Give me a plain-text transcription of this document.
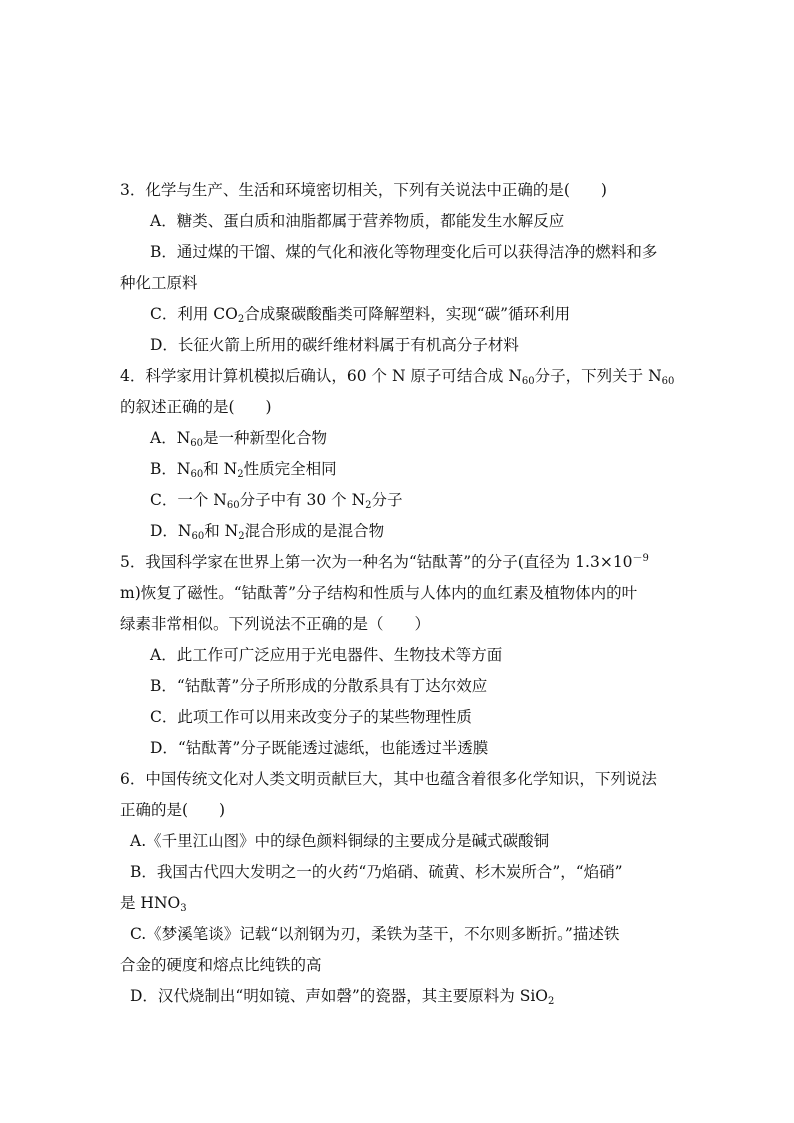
3．化学与生产、生活和环境密切相关，下列有关说法中正确的是(　　)
A．糖类、蛋白质和油脂都属于营养物质，都能发生水解反应
B．通过煤的干馏、煤的气化和液化等物理变化后可以获得洁净的燃料和多
种化工原料
C．利用 $CO_2$合成聚碳酸酯类可降解塑料，实现“碳”循环利用
D．长征火箭上所用的碳纤维材料属于有机高分子材料
4．科学家用计算机模拟后确认，60 个 N 原子可结合成 $N_{60}$分子，下列关于 $N_{60}$
的叙述正确的是(　　)
A．$N_{60}$是一种新型化合物
B．$N_{60}$和 $N_2$性质完全相同
C．一个 $N_{60}$分子中有 30 个 $N_2$分子
D．$N_{60}$和 $N_2$混合形成的是混合物
5．我国科学家在世界上第一次为一种名为“钴酞菁”的分子(直径为 $1.3\times 10^{-9}$
m)恢复了磁性。“钴酞菁”分子结构和性质与人体内的血红素及植物体内的叶
绿素非常相似。下列说法不正确的是（　　）
A．此工作可广泛应用于光电器件、生物技术等方面
B．“钴酞菁”分子所形成的分散系具有丁达尔效应
C．此项工作可以用来改变分子的某些物理性质
D．“钴酞菁”分子既能透过滤纸，也能透过半透膜
6．中国传统文化对人类文明贡献巨大，其中也蕴含着很多化学知识，下列说法
正确的是(　　)
A.《千里江山图》中的绿色颜料铜绿的主要成分是碱式碳酸铜
B．我国古代四大发明之一的火药“乃焰硝、硫黄、杉木炭所合”，“焰硝”
是 $HNO_3$
C.《梦溪笔谈》记载“以剂钢为刃，柔铁为茎干，不尔则多断折。”描述铁
合金的硬度和熔点比纯铁的高
D．汉代烧制出“明如镜、声如磬”的瓷器，其主要原料为 SiO$_2$
